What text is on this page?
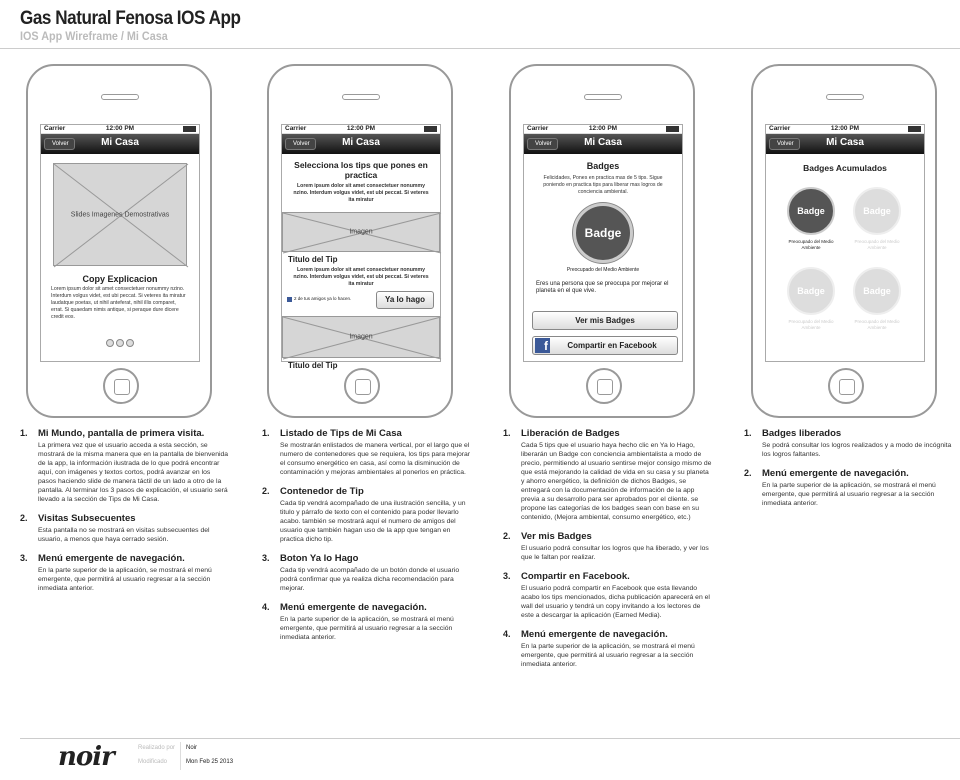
Gas Natural Fenosa IOS App
IOS App Wireframe / Mi Casa
Carrier	12:00 PM
Volver	Mi Casa
Slides Imagenes Demostrativas
Copy Explicacion
Lorem ipsum dolor sit amet consectetuer nonummy nzino. Interdum volgus videt, est ubi peccat. Si veteres ita miratur laudatque poetas, ut nihil anteferat, nihil illis comparet, errat. Si quaedam nimis antique, si peraque dure dicere credit eos.
Carrier	12:00 PM
Volver	Mi Casa
Selecciona los tips que pones en practica
Lorem ipsum dolor sit amet consectetuer nonummy nzino. Interdum volgus videt, est ubi peccat. Si veteres ita miratur
Imagen
Titulo del Tip
Lorem ipsum dolor sit amet consectetuer nonummy nzino. Interdum volgus videt, est ubi peccat. Si veteres ita miratur
2 de tus amigos ya lo hacen.	Ya lo hago
Imagen
Titulo del Tip
Carrier	12:00 PM
Volver	Mi Casa
Badges
Felicidades, Pones en practica mas de 5 tips. Sigue poniendo en practica tips para liberar mas logros de conciencia ambiental.
Badge
Preocupado del Medio Ambiente
Eres una persona que se preocupa por mejorar el planeta en el que vive.
Ver mis Badges
f Compartir en Facebook
Carrier	12:00 PM
Volver	Mi Casa
Badges Acumulados
Badge
Preocupado del Medio Ambiente
Badge
Preocupado del Medio Ambiente
Badge
Preocupado del Medio Ambiente
Badge
Preocupado del Medio Ambiente
1.	Mi Mundo, pantalla de primera visita.
La primera vez que el usuario acceda a esta sección, se mostrará de la misma manera que en la pantalla de bienvenida de la app, la información ilustrada de lo que podrá encontrar aquí, con imágenes y textos cortos, podrá avanzar en los pasos haciendo slide de manera táctil de un lado a otro de la pantalla. Al terminar los 3 pasos de explicación, el usuario será llevado a la sección de Tips de Mi Casa.
2.	Visitas Subsecuentes
Esta pantalla no se mostrará en visitas subsecuentes del usuario, a menos que haya cerrado sesión.
3.	Menú emergente de navegación.
En la parte superior de la aplicación, se mostrará el menú emergente, que permitirá al usuario regresar a la sección inmediata anterior.
1.	Listado de Tips de Mi Casa
Se mostrarán enlistados de manera vertical, por el largo que el numero de contenedores que se requiera, los tips para mejorar el consumo energético en casa, así como la disminución de contaminación y mejoras ambientales al ponerlos en práctica.
2.	Contenedor de Tip
Cada tip vendrá acompañado de una ilustración sencilla, y un titulo y párrafo de texto con el contenido para poder llevarlo acabo. también se mostrará aquí el numero de amigos del usuario que también hagan uso de la app que tengan en practica dicho tip.
3.	Boton Ya lo Hago
Cada tip vendrá acompañado de un botón donde el usuario podrá confirmar que ya realiza dicha recomendación para mejorar.
4.	Menú emergente de navegación.
En la parte superior de la aplicación, se mostrará el menú emergente, que permitirá al usuario regresar a la sección inmediata anterior.
1.	Liberación de Badges
Cada 5 tips que el usuario haya hecho clic en Ya lo Hago, liberarán un Badge con conciencia ambientalista a modo de precio, permitiendo al usuario sentirse mejor consigo mismo de que está mejorando la calidad de vida en su casa y su planeta y ahorro energético, la definición de dichos Badges, se entregará con la documentación de información de la app previa a su desarrollo para ser aprobados por el cliente. se propone las categorías de los badges sean con base en su contenido, (Mejora ambiental, consumo energético, etc.)
2.	Ver mis Badges
El usuario podrá consultar los logros que ha liberado, y ver los que le faltan por realizar.
3.	Compartir en Facebook.
El usuario podrá compartir en Facebook que esta llevando acabo los tips mencionados, dicha publicación aparecerá en el wall del usuario y tendrá un copy invitando a los lectores de este a descargar la aplicación (Earned Media).
4.	Menú emergente de navegación.
En la parte superior de la aplicación, se mostrará el menú emergente, que permitirá al usuario regresar a la sección inmediata anterior.
1.	Badges liberados
Se podrá consultar los logros realizados y a modo de incógnita los logros faltantes.
2.	Menú emergente de navegación.
En la parte superior de la aplicación, se mostrará el menú emergente, que permitirá al usuario regresar a la sección inmediata anterior.
noir	Realizado por Noir
Modificado	Mon Feb 25 2013
